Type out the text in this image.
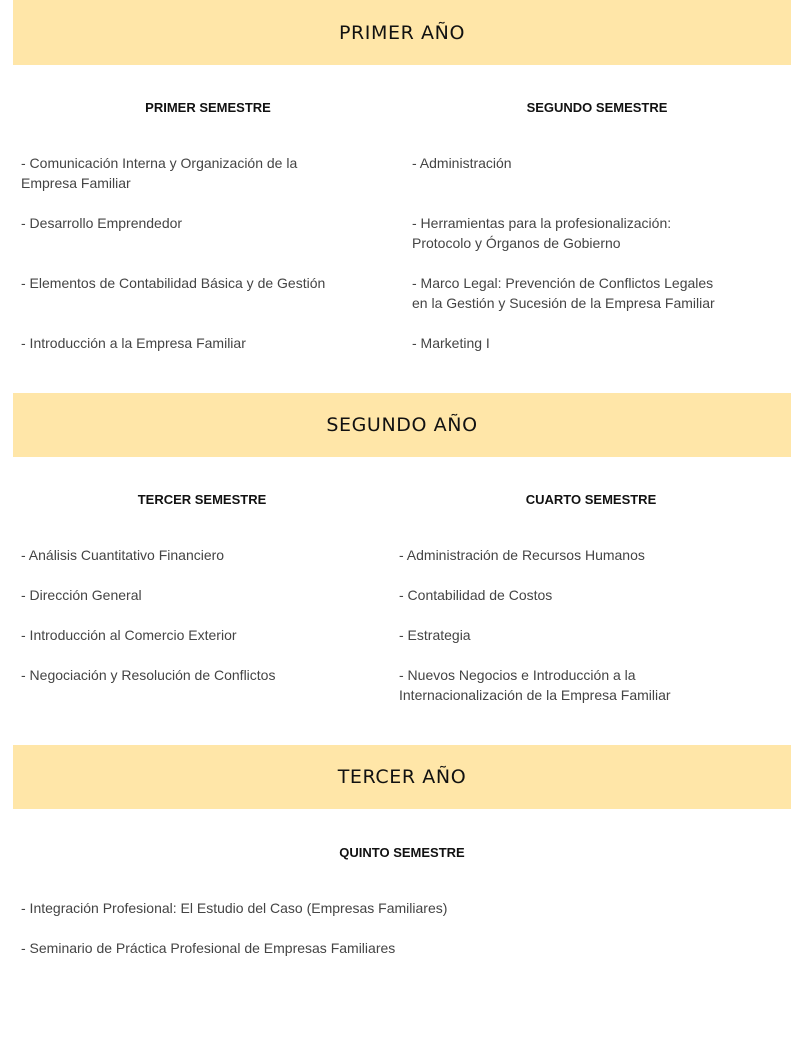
PRIMER AÑO
PRIMER SEMESTRE	SEGUNDO SEMESTRE
- Comunicación Interna y Organización de la Empresa Familiar
- Desarrollo Emprendedor
- Elementos de Contabilidad Básica y de Gestión
- Introducción a la Empresa Familiar
- Administración
- Herramientas para la profesionalización: Protocolo y Órganos de Gobierno
- Marco Legal: Prevención de Conflictos Legales en la Gestión y Sucesión de la Empresa Familiar
- Marketing I
SEGUNDO AÑO
TERCER SEMESTRE	CUARTO SEMESTRE
- Análisis Cuantitativo Financiero
- Dirección General
- Introducción al Comercio Exterior
- Negociación y Resolución de Conflictos
- Administración de Recursos Humanos
- Contabilidad de Costos
- Estrategia
- Nuevos Negocios e Introducción a la Internacionalización de la Empresa Familiar
TERCER AÑO
QUINTO SEMESTRE
- Integración Profesional: El Estudio del Caso (Empresas Familiares)
- Seminario de Práctica Profesional de Empresas Familiares
